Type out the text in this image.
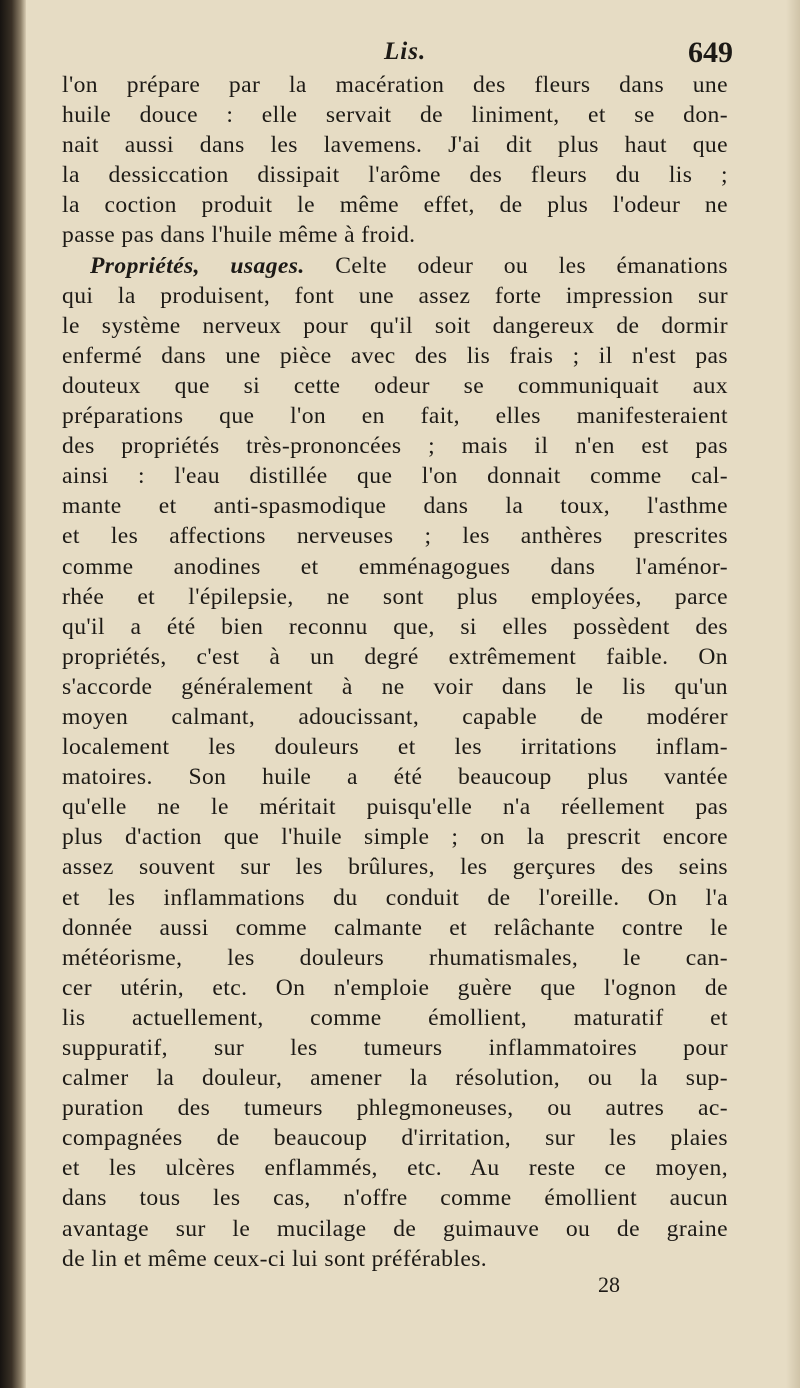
Lis.	649
l'on prépare par la macération des fleurs dans une
huile douce : elle servait de liniment, et se don-
nait aussi dans les lavemens. J'ai dit plus haut que
la dessiccation dissipait l'arôme des fleurs du lis ;
la coction produit le même effet, de plus l'odeur ne
passe pas dans l'huile même à froid.
Propriétés, usages. Celte odeur ou les émanations
qui la produisent, font une assez forte impression sur
le système nerveux pour qu'il soit dangereux de dormir
enfermé dans une pièce avec des lis frais ; il n'est pas
douteux que si cette odeur se communiquait aux
préparations que l'on en fait, elles manifesteraient
des propriétés très-prononcées ; mais il n'en est pas
ainsi : l'eau distillée que l'on donnait comme cal-
mante et anti-spasmodique dans la toux, l'asthme
et les affections nerveuses ; les anthères prescrites
comme anodines et emménagogues dans l'aménor-
rhée et l'épilepsie, ne sont plus employées, parce
qu'il a été bien reconnu que, si elles possèdent des
propriétés, c'est à un degré extrêmement faible. On
s'accorde généralement à ne voir dans le lis qu'un
moyen calmant, adoucissant, capable de modérer
localement les douleurs et les irritations inflam-
matoires. Son huile a été beaucoup plus vantée
qu'elle ne le méritait puisqu'elle n'a réellement pas
plus d'action que l'huile simple ; on la prescrit encore
assez souvent sur les brûlures, les gerçures des seins
et les inflammations du conduit de l'oreille. On l'a
donnée aussi comme calmante et relâchante contre le
météorisme, les douleurs rhumatismales, le can-
cer utérin, etc. On n'emploie guère que l'ognon de
lis actuellement, comme émollient, maturatif et
suppuratif, sur les tumeurs inflammatoires pour
calmer la douleur, amener la résolution, ou la sup-
puration des tumeurs phlegmoneuses, ou autres ac-
compagnées de beaucoup d'irritation, sur les plaies
et les ulcères enflammés, etc. Au reste ce moyen,
dans tous les cas, n'offre comme émollient aucun
avantage sur le mucilage de guimauve ou de graine
de lin et même ceux-ci lui sont préférables.
28
